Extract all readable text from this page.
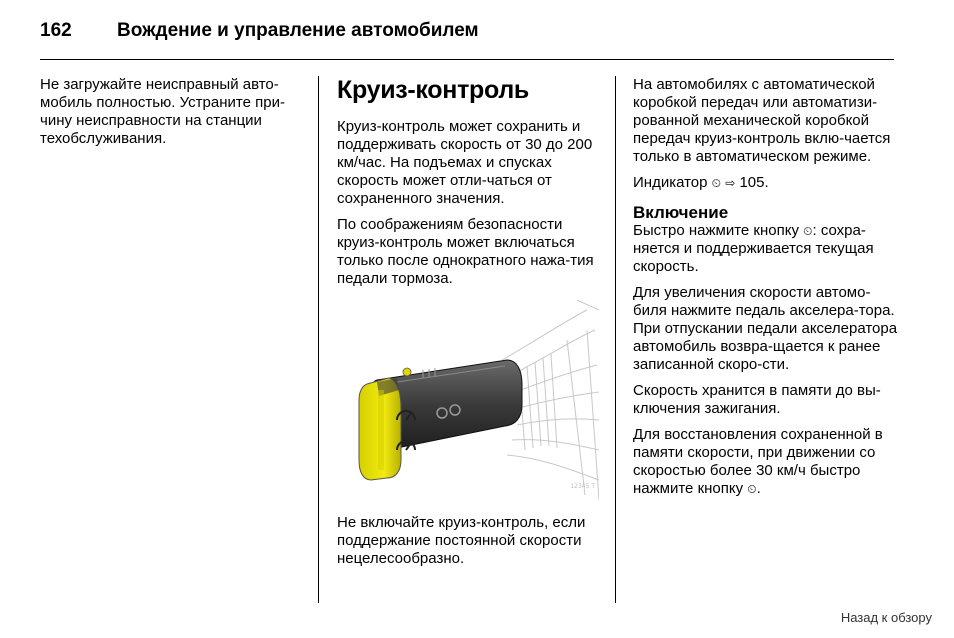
162 Вождение и управление автомобилем

Не загружайте неисправный авто-мобиль полностью. Устраните при-чину неисправности на станции техобслуживания.

Круиз-контроль

Круиз-контроль может сохранить и поддерживать скорость от 30 до 200 км/час. На подъемах и спусках скорость может отли-чаться от сохраненного значения.

По соображениям безопасности круиз-контроль может включаться только после однократного нажа-тия педали тормоза.

12345 T

Не включайте круиз-контроль, если поддержание постоянной скорости нецелесообразно.

На автомобилях с автоматической коробкой передач или автоматизи-рованной механической коробкой передач круиз-контроль вклю-чается только в автоматическом режиме.

Индикатор ⏲ ⇨ 105.

Включение

Быстро нажмите кнопку ⏲: сохра-няется и поддерживается текущая скорость.

Для увеличения скорости автомо-биля нажмите педаль акселера-тора. При отпускании педали акселератора автомобиль возвра-щается к ранее записанной скоро-сти.

Скорость хранится в памяти до вы-ключения зажигания.

Для восстановления сохраненной в памяти скорости, при движении со скоростью более 30 км/ч быстро нажмите кнопку ⏲.

Назад к обзору
